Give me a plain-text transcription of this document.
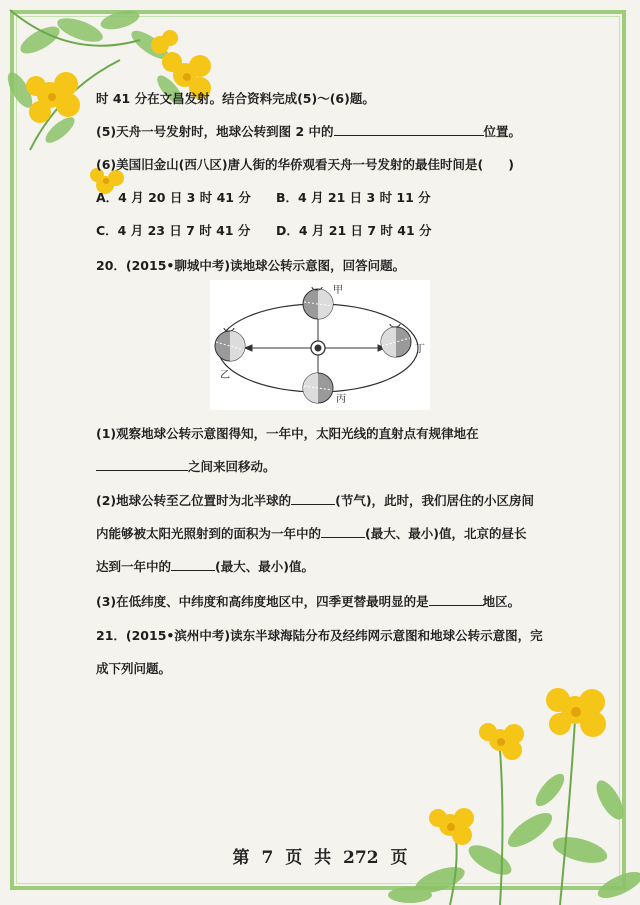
时 41 分在文昌发射。结合资料完成(5)～(6)题。
(5)天舟一号发射时，地球公转到图 2 中的	位置。
(6)美国旧金山(西八区)唐人街的华侨观看天舟一号发射的最佳时间是(　　)
A．4 月 20 日 3 时 41 分 B．4 月 21 日 3 时 11 分
C．4 月 23 日 7 时 41 分 D．4 月 21 日 7 时 41 分
20．(2015•聊城中考)读地球公转示意图，回答问题。
(1)观察地球公转示意图得知，一年中，太阳光线的直射点有规律地在
之间来回移动。
(2)地球公转至乙位置时为北半球的	(节气)，此时，我们居住的小区房间
内能够被太阳光照射到的面积为一年中的	(最大、最小)值，北京的昼长
达到一年中的	(最大、最小)值。
(3)在低纬度、中纬度和高纬度地区中，四季更替最明显的是	地区。
21．(2015•滨州中考)读东半球海陆分布及经纬网示意图和地球公转示意图，完
成下列问题。
甲
乙
丙
丁
第 7 页 共 272 页
